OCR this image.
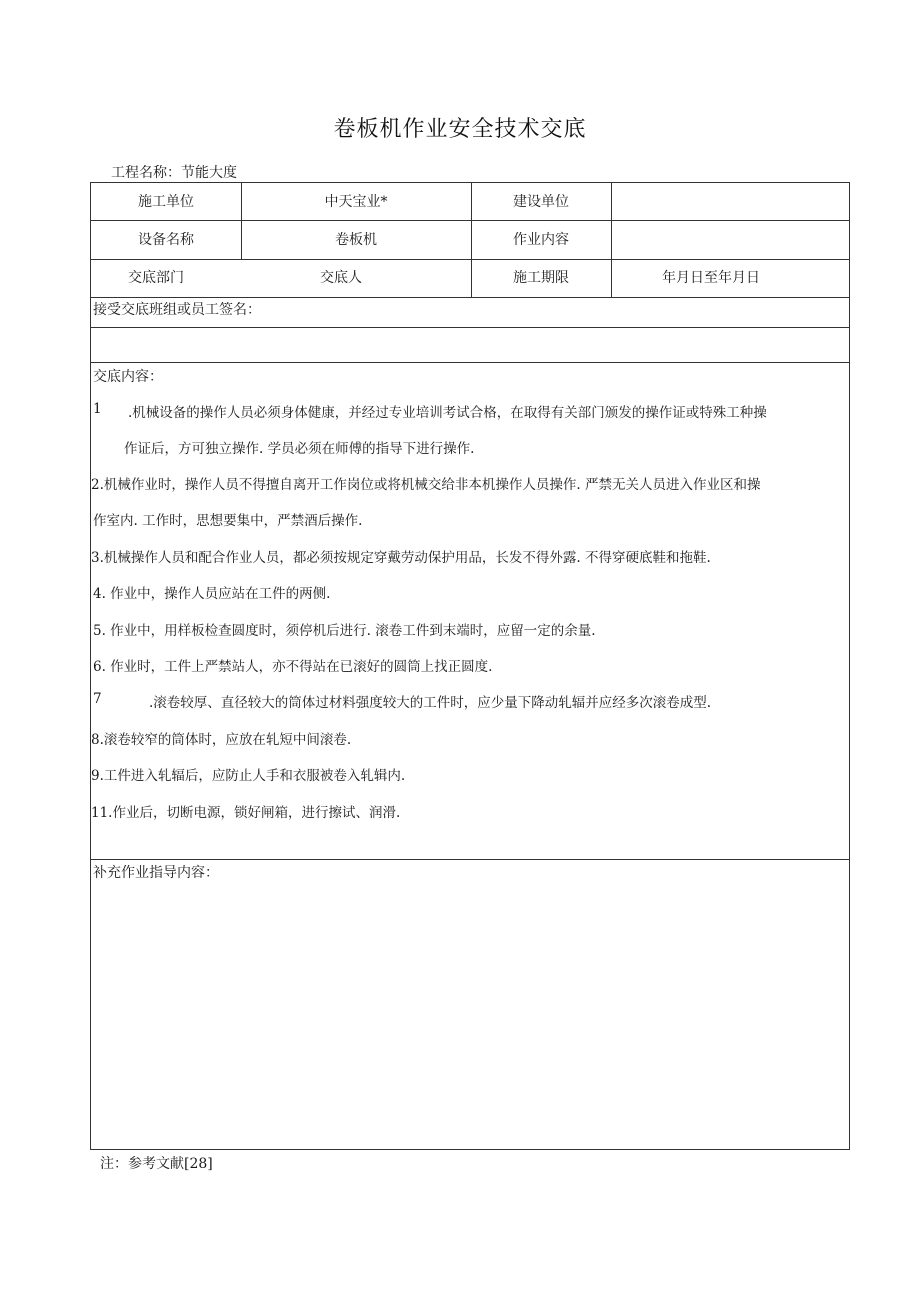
卷板机作业安全技术交底
工程名称：节能大度
施工单位	中天宝业*	建设单位
设备名称	卷板机	作业内容
交底部门	交底人	施工期限	年月日至年月日
接受交底班组或员工签名：
交底内容：
1 .机械设备的操作人员必须身体健康，并经过专业培训考试合格，在取得有关部门颁发的操作证或特殊工种操
作证后，方可独立操作. 学员必须在师傅的指导下进行操作.
2.机械作业时，操作人员不得擅自离开工作岗位或将机械交给非本机操作人员操作. 严禁无关人员进入作业区和操
作室内. 工作时，思想要集中，严禁酒后操作.
3.机械操作人员和配合作业人员，都必须按规定穿戴劳动保护用品，长发不得外露. 不得穿硬底鞋和拖鞋.
4. 作业中，操作人员应站在工件的两侧.
5. 作业中，用样板检查圆度时，须停机后进行. 滚卷工件到末端时，应留一定的余量.
6. 作业时，工件上严禁站人，亦不得站在已滚好的圆筒上找正圆度.
7	.滚卷较厚、直径较大的筒体过材料强度较大的工件时，应少量下降动轧辐并应经多次滚卷成型.
8.滚卷较窄的筒体时，应放在轧短中间滚卷.
9.工件进入轧辐后，应防止人手和衣服被卷入轧辑内.
11.作业后，切断电源，锁好闸箱，进行擦试、润滑.
补充作业指导内容：
注：参考文献[28]
